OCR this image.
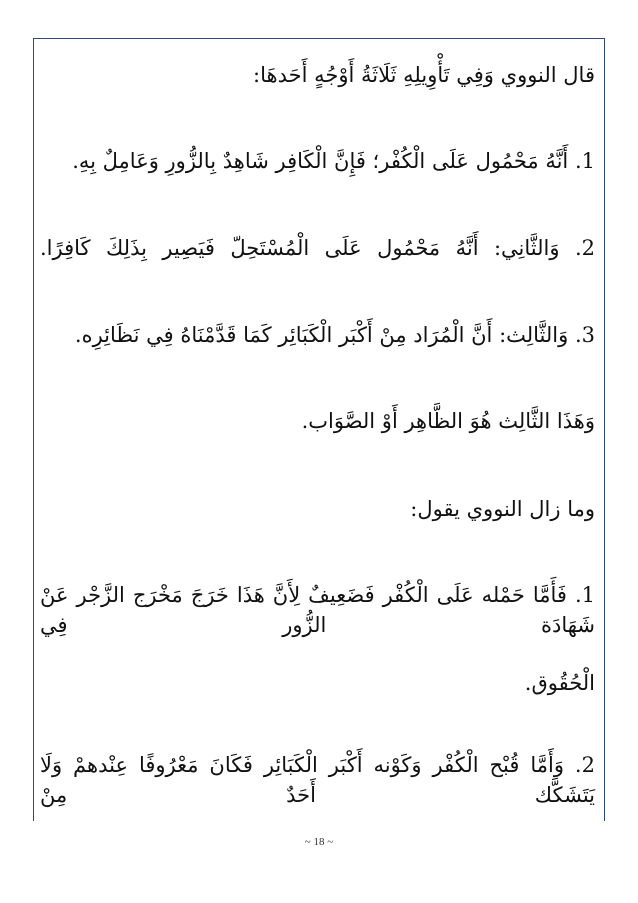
قال النووي وَفِي تَأْوِيلِهِ ثَلَاثَةُ أَوْجُهٍ أَحَدهَا:
1. أَنَّهُ مَحْمُول عَلَى الْكُفْر؛ فَإِنَّ الْكَافِر شَاهِدٌ بِالزُّورِ وَعَامِلٌ بِهِ.
2. وَالثَّانِي: أَنَّهُ مَحْمُول عَلَى الْمُسْتَحِلّ فَيَصِير بِذَلِكَ كَافِرًا.
3. وَالثَّالِث: أَنَّ الْمُرَاد مِنْ أَكْبَر الْكَبَائِر كَمَا قَدَّمْنَاهُ فِي نَظَائِرِه.
وَهَذَا الثَّالِث هُوَ الظَّاهِر أَوْ الصَّوَاب.
وما زال النووي يقول:
1. فَأَمَّا حَمْله عَلَى الْكُفْر فَضَعِيفٌ لِأَنَّ هَذَا خَرَجَ مَخْرَج الزَّجْر عَنْ شَهَادَة الزُّور فِي
الْحُقُوق.
2. وَأَمَّا قُبْح الْكُفْر وَكَوْنه أَكْبَر الْكَبَائِر فَكَانَ مَعْرُوفًا عِنْدهمْ وَلَا يَتَشَكَّك أَحَدٌ مِنْ
~ 18 ~
